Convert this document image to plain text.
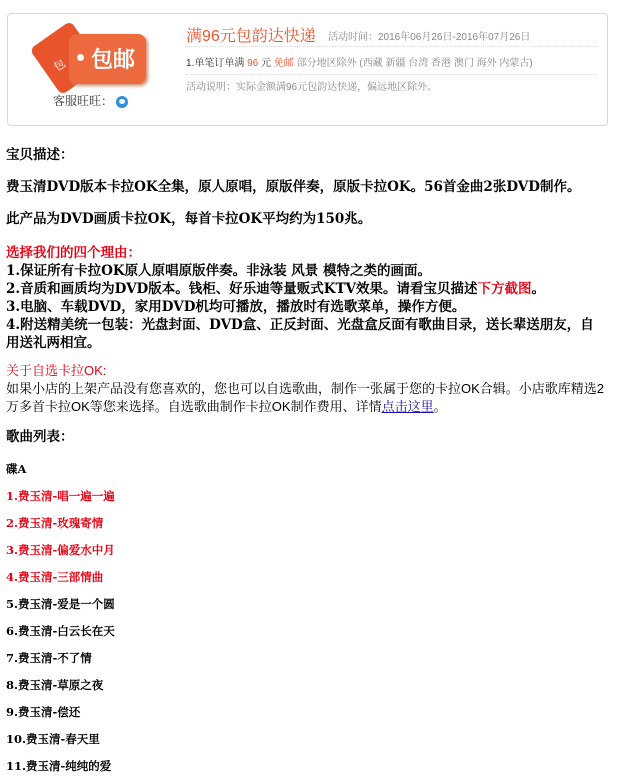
包 包邮
客服旺旺：
满96元包韵达快递 活动时间：2016年06月26日-2016年07月26日
1.单笔订单满 96 元 免邮 部分地区除外 (西藏 新疆 台湾 香港 澳门 海外 内蒙古)
活动说明：实际金额满96元包韵达快递，偏远地区除外。
宝贝描述：
费玉清DVD版本卡拉OK全集，原人原唱，原版伴奏，原版卡拉OK。56首金曲2张DVD制作。
此产品为DVD画质卡拉OK，每首卡拉OK平均约为150兆。
选择我们的四个理由：
1.保证所有卡拉OK原人原唱原版伴奏。非泳装 风景 模特之类的画面。
2.音质和画质均为DVD版本。钱柜、好乐迪等量贩式KTV效果。请看宝贝描述下方截图。
3.电脑、车载DVD，家用DVD机均可播放，播放时有选歌菜单，操作方便。
4.附送精美统一包装：光盘封面、DVD盒、正反封面、光盘盒反面有歌曲目录，送长辈送朋友，自用送礼两相宜。
关于自选卡拉OK:
如果小店的上架产品没有您喜欢的，您也可以自选歌曲，制作一张属于您的卡拉OK合辑。小店歌库精选2万多首卡拉OK等您来选择。自选歌曲制作卡拉OK制作费用、详情点击这里。
歌曲列表：
碟A
1.费玉清-唱一遍一遍
2.费玉清-玫瑰寄情
3.费玉清-偏爱水中月
4.费玉清-三部情曲
5.费玉清-爱是一个圆
6.费玉清-白云长在天
7.费玉清-不了情
8.费玉清-草原之夜
9.费玉清-偿还
10.费玉清-春天里
11.费玉清-纯纯的爱
